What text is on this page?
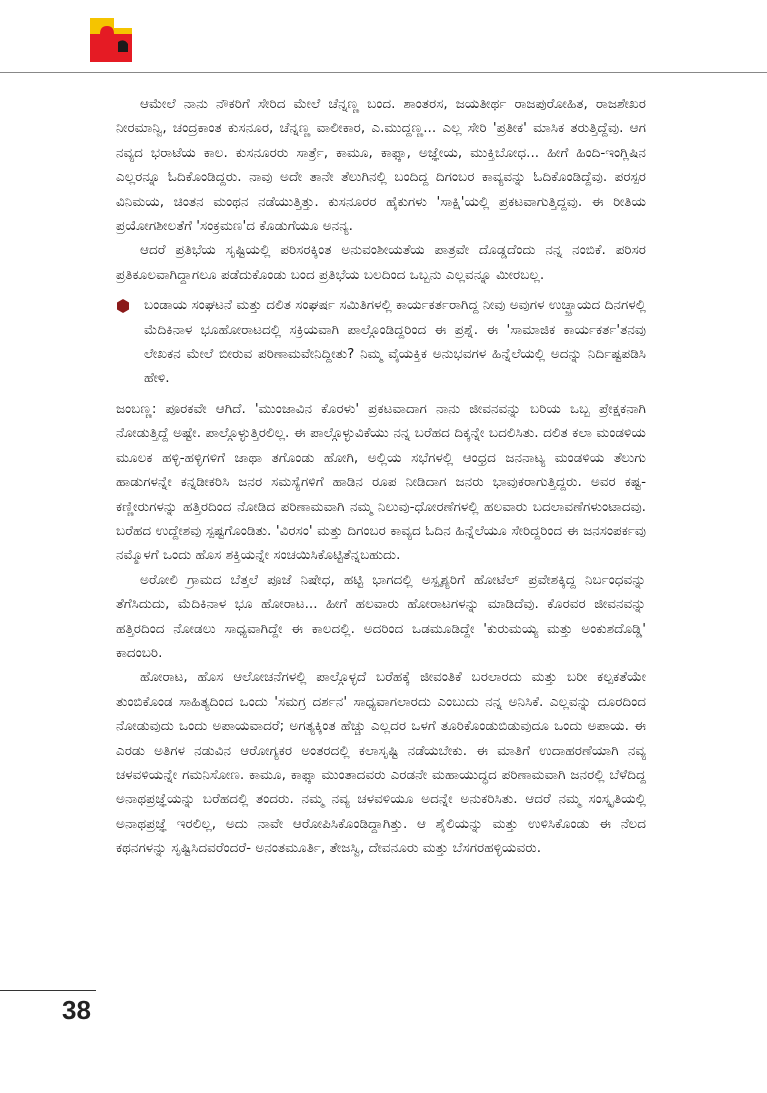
ಆಮೇಲೆ ನಾನು ನೌಕರಿಗೆ ಸೇರಿದ ಮೇಲೆ ಚೆನ್ನಣ್ಣ ಬಂದ. ಶಾಂತರಸ, ಜಯತೀರ್ಥ ರಾಜಪುರೋಹಿತ, ರಾಜಶೇಖರ ನೀರಮಾನ್ವಿ, ಚಂದ್ರಕಾಂತ ಕುಸನೂರ, ಚೆನ್ನಣ್ಣ ವಾಲೀಕಾರ, ಎ.ಮುದ್ದಣ್ಣ... ಎಲ್ಲ ಸೇರಿ 'ಪ್ರತೀಕ' ಮಾಸಿಕ ತರುತ್ತಿದ್ದೆವು. ಆಗ ನವ್ಯದ ಭರಾಟೆಯ ಕಾಲ. ಕುಸನೂರರು ಸಾರ್ತ್ರೆ, ಕಾಮೂ, ಕಾಫ್ಕಾ, ಅಜ್ಞೇಯ, ಮುಕ್ತಿಬೋಧ... ಹೀಗೆ ಹಿಂದಿ-ಇಂಗ್ಲಿಷಿನ ಎಲ್ಲರನ್ನೂ ಓದಿಕೊಂಡಿದ್ದರು. ನಾವು ಅದೇ ತಾನೇ ತೆಲುಗಿನಲ್ಲಿ ಬಂದಿದ್ದ ದಿಗಂಬರ ಕಾವ್ಯವನ್ನು ಓದಿಕೊಂಡಿದ್ದೆವು. ಪರಸ್ಪರ ವಿನಿಮಯ, ಚಿಂತನ ಮಂಥನ ನಡೆಯುತ್ತಿತ್ತು. ಕುಸನೂರರ ಹೈಕುಗಳು 'ಸಾಕ್ಷಿ'ಯಲ್ಲಿ ಪ್ರಕಟವಾಗುತ್ತಿದ್ದವು. ಈ ರೀತಿಯ ಪ್ರಯೋಗಶೀಲತೆಗೆ 'ಸಂಕ್ರಮಣ'ದ ಕೊಡುಗೆಯೂ ಅನನ್ಯ.

ಆದರೆ ಪ್ರತಿಭೆಯ ಸೃಷ್ಟಿಯಲ್ಲಿ ಪರಿಸರಕ್ಕಿಂತ ಅನುವಂಶೀಯತೆಯ ಪಾತ್ರವೇ ದೊಡ್ಡದೆಂದು ನನ್ನ ನಂಬಿಕೆ. ಪರಿಸರ ಪ್ರತಿಕೂಲವಾಗಿದ್ದಾಗಲೂ ಪಡೆದುಕೊಂಡು ಬಂದ ಪ್ರತಿಭೆಯ ಬಲದಿಂದ ಒಬ್ಬನು ಎಲ್ಲವನ್ನೂ ಮೀರಬಲ್ಲ.

ಬಂಡಾಯ ಸಂಘಟನೆ ಮತ್ತು ದಲಿತ ಸಂಘರ್ಷ ಸಮಿತಿಗಳಲ್ಲಿ ಕಾರ್ಯಕರ್ತರಾಗಿದ್ದ ನೀವು ಅವುಗಳ ಉಚ್ಛ್ರಾಯದ ದಿನಗಳಲ್ಲಿ ಮೆದಿಕಿನಾಳ ಭೂಹೋರಾಟದಲ್ಲಿ ಸಕ್ರಿಯವಾಗಿ ಪಾಲ್ಗೊಂಡಿದ್ದರಿಂದ ಈ ಪ್ರಶ್ನೆ. ಈ 'ಸಾಮಾಜಿಕ ಕಾರ್ಯಕರ್ತ'ತನವು ಲೇಖಕನ ಮೇಲೆ ಬೀರುವ ಪರಿಣಾಮವೇನಿದ್ದೀತು? ನಿಮ್ಮ ವೈಯಕ್ತಿಕ ಅನುಭವಗಳ ಹಿನ್ನೆಲೆಯಲ್ಲಿ ಅದನ್ನು ನಿರ್ದಿಷ್ಟಪಡಿಸಿ ಹೇಳಿ.

ಜಂಬಣ್ಣ: ಪೂರಕವೇ ಆಗಿದೆ. 'ಮುಂಜಾವಿನ ಕೊರಳು' ಪ್ರಕಟವಾದಾಗ ನಾನು ಜೀವನವನ್ನು ಬರಿಯ ಒಬ್ಬ ಪ್ರೇಕ್ಷಕನಾಗಿ ನೋಡುತ್ತಿದ್ದೆ ಅಷ್ಟೇ. ಪಾಲ್ಗೊಳ್ಳುತ್ತಿರಲಿಲ್ಲ. ಈ ಪಾಲ್ಗೊಳ್ಳುವಿಕೆಯು ನನ್ನ ಬರೆಹದ ದಿಕ್ಕನ್ನೇ ಬದಲಿಸಿತು. ದಲಿತ ಕಲಾ ಮಂಡಳಿಯ ಮೂಲಕ ಹಳ್ಳಿ-ಹಳ್ಳಿಗಳಿಗೆ ಜಾಥಾ ತಗೊಂಡು ಹೋಗಿ, ಅಲ್ಲಿಯ ಸಭೆಗಳಲ್ಲಿ ಆಂಧ್ರದ ಜನನಾಟ್ಯ ಮಂಡಳಿಯ ತೆಲುಗು ಹಾಡುಗಳನ್ನೇ ಕನ್ನಡೀಕರಿಸಿ ಜನರ ಸಮಸ್ಯೆಗಳಿಗೆ ಹಾಡಿನ ರೂಪ ನೀಡಿದಾಗ ಜನರು ಭಾವುಕರಾಗುತ್ತಿದ್ದರು. ಅವರ ಕಷ್ಟ-ಕಣ್ಣೀರುಗಳನ್ನು ಹತ್ತಿರದಿಂದ ನೋಡಿದ ಪರಿಣಾಮವಾಗಿ ನಮ್ಮ ನಿಲುವು-ಧೋರಣೆಗಳಲ್ಲಿ ಹಲವಾರು ಬದಲಾವಣೆಗಳುಂಟಾದವು. ಬರೆಹದ ಉದ್ದೇಶವು ಸ್ಪಷ್ಟಗೊಂಡಿತು. 'ವಿರಸಂ' ಮತ್ತು ದಿಗಂಬರ ಕಾವ್ಯದ ಓದಿನ ಹಿನ್ನೆಲೆಯೂ ಸೇರಿದ್ದರಿಂದ ಈ ಜನಸಂಪರ್ಕವು ನಮ್ಮೊಳಗೆ ಒಂದು ಹೊಸ ಶಕ್ತಿಯನ್ನೇ ಸಂಚಯಿಸಿಕೊಟ್ಟಿತೆನ್ನಬಹುದು.

ಅರೋಲಿ ಗ್ರಾಮದ ಬೆತ್ತಲೆ ಪೂಜೆ ನಿಷೇಧ, ಹಟ್ಟಿ ಭಾಗದಲ್ಲಿ ಅಸ್ಪೃಶ್ಯರಿಗೆ ಹೋಟೆಲ್ ಪ್ರವೇಶಕ್ಕಿದ್ದ ನಿರ್ಬಂಧವನ್ನು ತೆಗೆಸಿದುದು, ಮೆದಿಕಿನಾಳ ಭೂ ಹೋರಾಟ... ಹೀಗೆ ಹಲವಾರು ಹೋರಾಟಗಳನ್ನು ಮಾಡಿದೆವು. ಕೊರವರ ಜೀವನವನ್ನು ಹತ್ತಿರದಿಂದ ನೋಡಲು ಸಾಧ್ಯವಾಗಿದ್ದೇ ಈ ಕಾಲದಲ್ಲಿ. ಅದರಿಂದ ಒಡಮೂಡಿದ್ದೇ 'ಕುರುಮಯ್ಯ ಮತ್ತು ಅಂಕುಶದೊಡ್ಡಿ' ಕಾದಂಬರಿ.

ಹೋರಾಟ, ಹೊಸ ಆಲೋಚನೆಗಳಲ್ಲಿ ಪಾಲ್ಗೊಳ್ಳದೆ ಬರೆಹಕ್ಕೆ ಜೀವಂತಿಕೆ ಬರಲಾರದು ಮತ್ತು ಬರೀ ಕಲ್ಪಕತೆಯೇ ತುಂಬಿಕೊಂಡ ಸಾಹಿತ್ಯದಿಂದ ಒಂದು 'ಸಮಗ್ರ ದರ್ಶನ' ಸಾಧ್ಯವಾಗಲಾರದು ಎಂಬುದು ನನ್ನ ಅನಿಸಿಕೆ. ಎಲ್ಲವನ್ನು ದೂರದಿಂದ ನೋಡುವುದು ಒಂದು ಅಪಾಯವಾದರೆ; ಅಗತ್ಯಕ್ಕಿಂತ ಹೆಚ್ಚು ಎಲ್ಲದರ ಒಳಗೆ ತೂರಿಕೊಂಡುಬಿಡುವುದೂ ಒಂದು ಅಪಾಯ. ಈ ಎರಡು ಅತಿಗಳ ನಡುವಿನ ಆರೋಗ್ಯಕರ ಅಂತರದಲ್ಲಿ ಕಲಾಸೃಷ್ಟಿ ನಡೆಯಬೇಕು. ಈ ಮಾತಿಗೆ ಉದಾಹರಣೆಯಾಗಿ ನವ್ಯ ಚಳವಳಿಯನ್ನೇ ಗಮನಿಸೋಣ. ಕಾಮೂ, ಕಾಫ್ಕಾ ಮುಂತಾದವರು ಎರಡನೇ ಮಹಾಯುದ್ಧದ ಪರಿಣಾಮವಾಗಿ ಜನರಲ್ಲಿ ಬೆಳೆದಿದ್ದ ಅನಾಥಪ್ರಜ್ಞೆಯನ್ನು ಬರೆಹದಲ್ಲಿ ತಂದರು. ನಮ್ಮ ನವ್ಯ ಚಳವಳಿಯೂ ಅದನ್ನೇ ಅನುಕರಿಸಿತು. ಆದರೆ ನಮ್ಮ ಸಂಸ್ಕೃತಿಯಲ್ಲಿ ಅನಾಥಪ್ರಜ್ಞೆ ಇರಲಿಲ್ಲ, ಅದು ನಾವೇ ಆರೋಪಿಸಿಕೊಂಡಿದ್ದಾಗಿತ್ತು. ಆ ಶೈಲಿಯನ್ನು ಮತ್ತು ಉಳಿಸಿಕೊಂಡು ಈ ನೆಲದ ಕಥನಗಳನ್ನು ಸೃಷ್ಟಿಸಿದವರೆಂದರೆ- ಅನಂತಮೂರ್ತಿ, ತೇಜಸ್ವಿ, ದೇವನೂರು ಮತ್ತು ಬೆಸಗರಹಳ್ಳಿಯವರು.

38
